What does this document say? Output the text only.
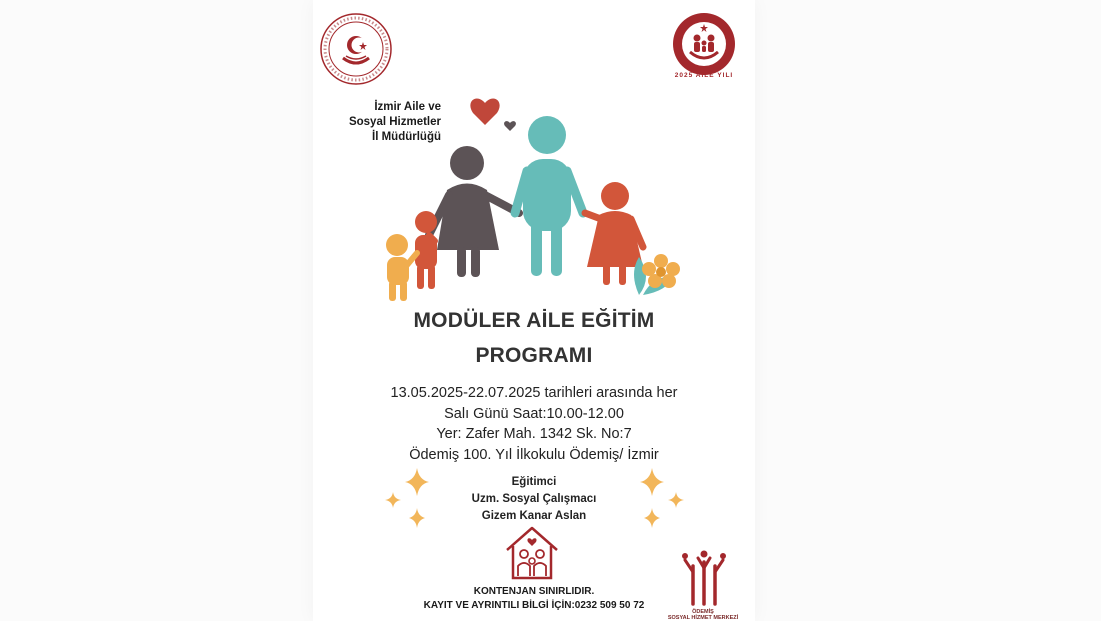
2025 AİLE YILI
İzmir Aile ve
Sosyal Hizmetler
İl Müdürlüğü
MODÜLER AİLE EĞİTİM
PROGRAMI
13.05.2025-22.07.2025 tarihleri arasında her
Salı Günü Saat:10.00-12.00
Yer: Zafer Mah. 1342 Sk. No:7
Ödemiş 100. Yıl İlkokulu Ödemiş/ İzmir
Eğitimci
Uzm. Sosyal Çalışmacı
Gizem Kanar Aslan
KONTENJAN SINIRLIDIR.
KAYIT VE AYRINTILI BİLGİ İÇİN:0232 509 50 72
ÖDEMİŞ
SOSYAL HİZMET MERKEZİ
